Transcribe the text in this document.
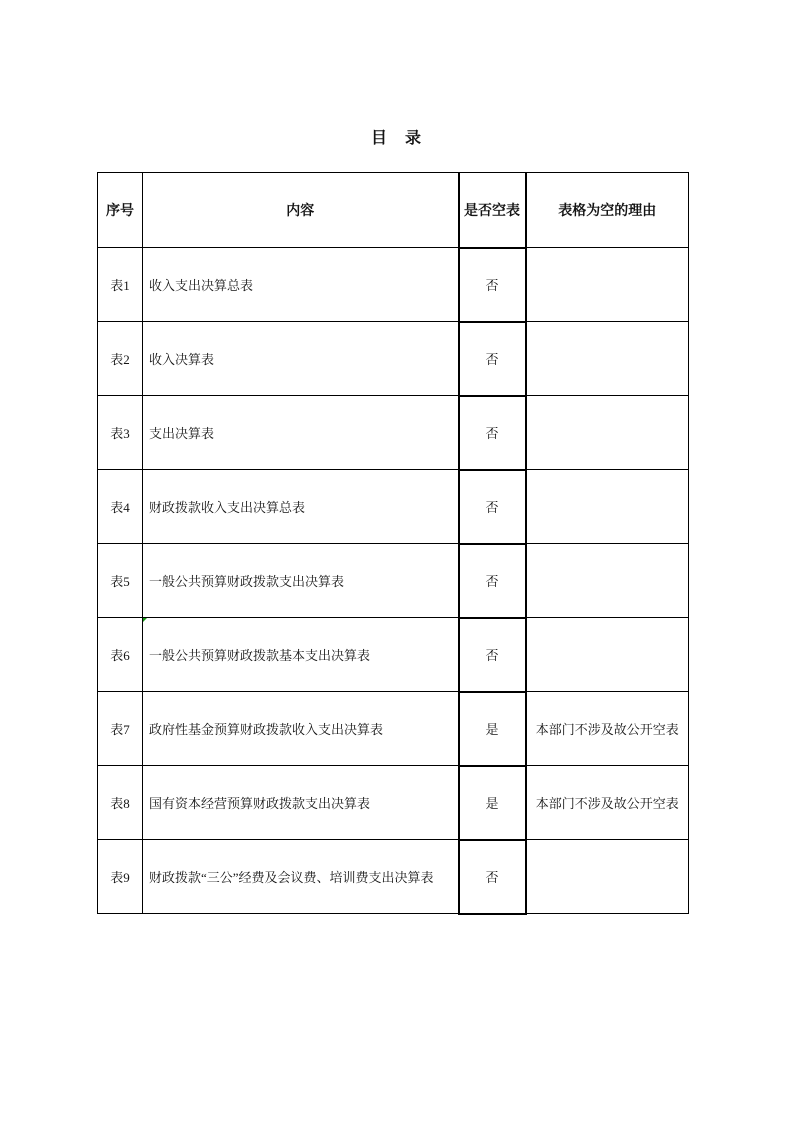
目　录
序号	内容	是否空表	表格为空的理由
表1	收入支出决算总表	否	
表2	收入决算表	否	
表3	支出决算表	否	
表4	财政拨款收入支出决算总表	否	
表5	一般公共预算财政拨款支出决算表	否	
表6	一般公共预算财政拨款基本支出决算表	否	
表7	政府性基金预算财政拨款收入支出决算表	是	本部门不涉及故公开空表
表8	国有资本经营预算财政拨款支出决算表	是	本部门不涉及故公开空表
表9	财政拨款“三公”经费及会议费、培训费支出决算表	否	
